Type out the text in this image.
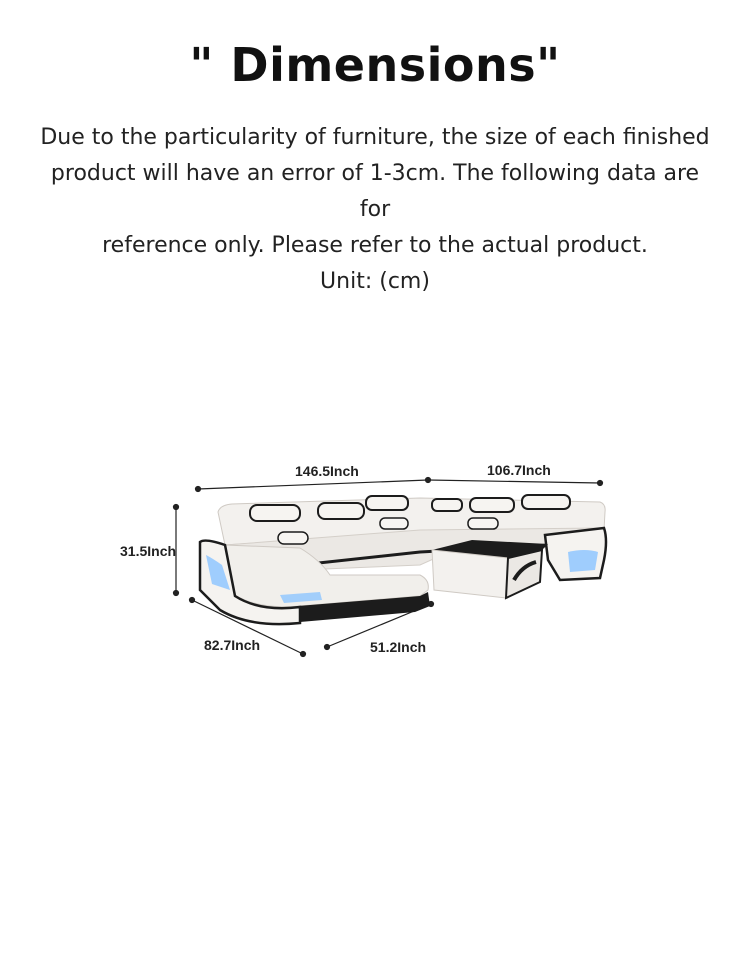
" Dimensions"

Due to the particularity of furniture, the size of each finished

product will have an error of 1-3cm. The following data are for

reference only. Please refer to the actual product.

Unit: (cm)

146.5Inch	106.7Inch
31.5Inch
82.7Inch	51.2Inch
